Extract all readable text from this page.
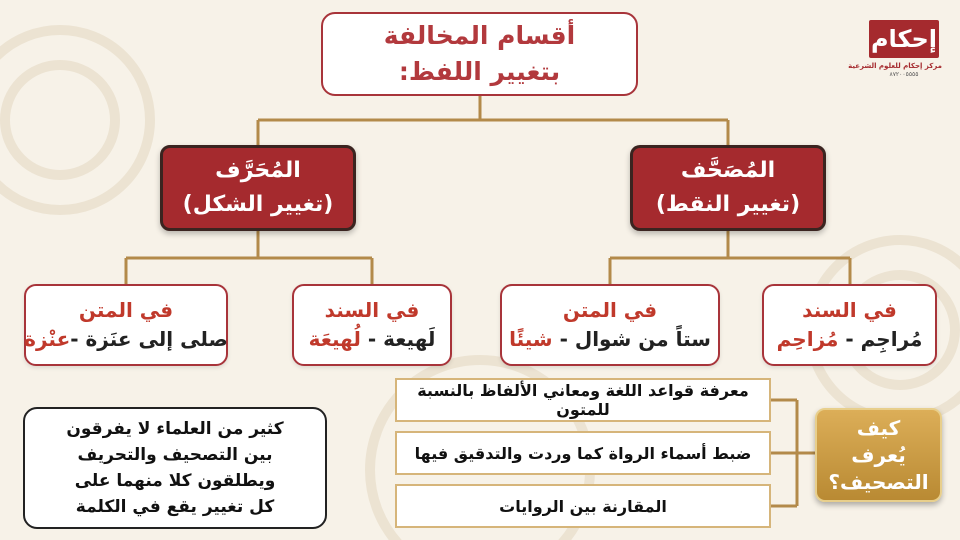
أقسام المخالفة
بتغيير اللفظ:
المُحَرَّف
(تغيير الشكل)
المُصَحَّف
(تغيير النقط)
في المتن
صلى إلى عنَزة -عنْزة
في السند
لَهيعة - لُهيعَة
في المتن
ستاً من شوال - شيئًا
في السند
مُراجِم - مُزاحِم
كثير من العلماء لا يفرقون
بين التصحيف والتحريف
ويطلقون كلا منهما على
كل تغيير يقع في الكلمة
معرفة قواعد اللغة ومعاني الألفاظ بالنسبة للمتون
ضبط أسماء الرواة كما وردت والتدقيق فيها
المقارنة بين الروايات
كيف
يُعرف
التصحيف؟
إحكام
مركز إحكام للعلوم الشرعية
٨٧٢٠٠٥٥٥٥
